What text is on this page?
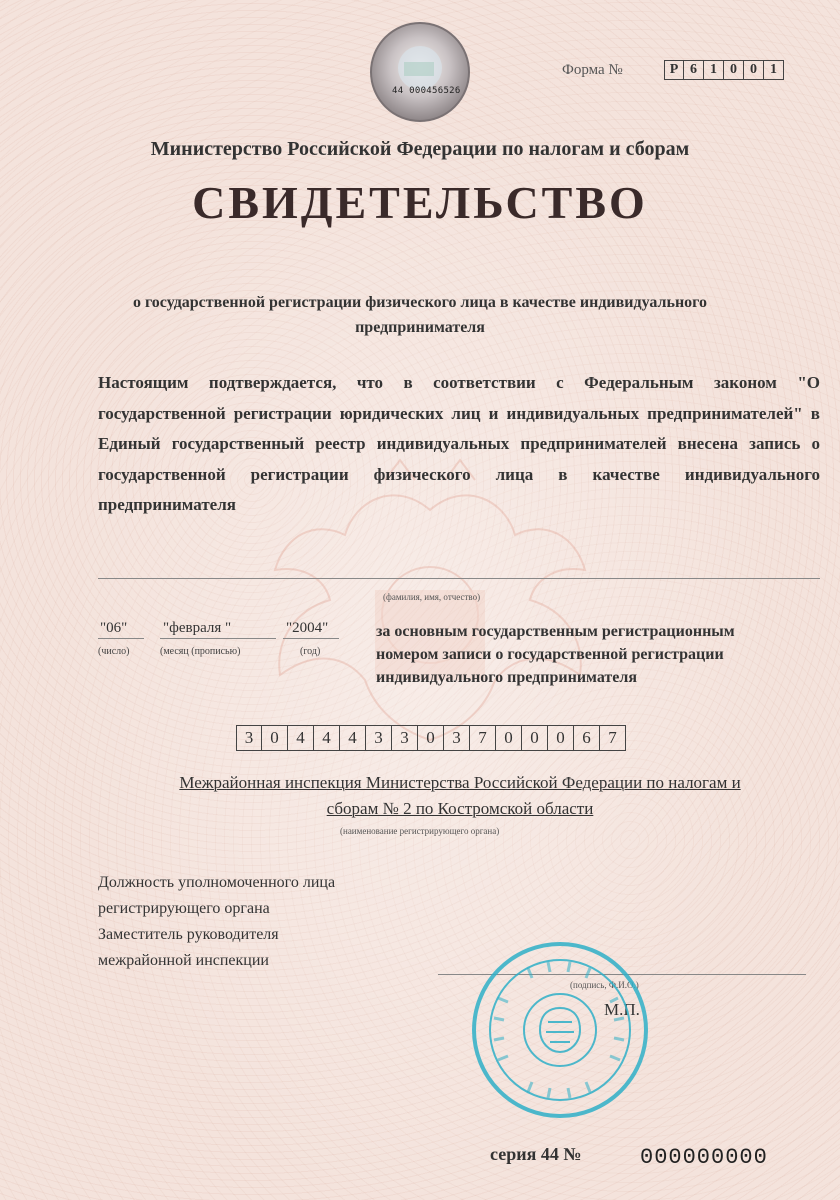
44 000456526
Форма №	Р 6 1 0 0 1
Министерство Российской Федерации по налогам и сборам
СВИДЕТЕЛЬСТВО
о государственной регистрации физического лица в качестве индивидуального предпринимателя
Настоящим подтверждается, что в соответствии с Федеральным законом "О государственной регистрации юридических лиц и индивидуальных предпринимателей" в Единый государственный реестр индивидуальных предпринимателей внесена запись о государственной регистрации физического лица в качестве индивидуального предпринимателя
(фамилия, имя, отчество)
"06" "февраля "	"2004"
(число)	(месяц (прописью)	(год)
за основным государственным регистрационным номером записи о государственной регистрации индивидуального предпринимателя
3	0	4	4	4	3	3	0	3	7	0	0	0	6	7
Межрайонная инспекция Министерства Российской Федерации по налогам и
сборам № 2 по Костромской области
(наименование регистрирующего органа)
Должность уполномоченного лица
регистрирующего органа
Заместитель руководителя
межрайонной инспекции
(подпись, Ф.И.О.)
М.П.
серия 44 №	000000000
